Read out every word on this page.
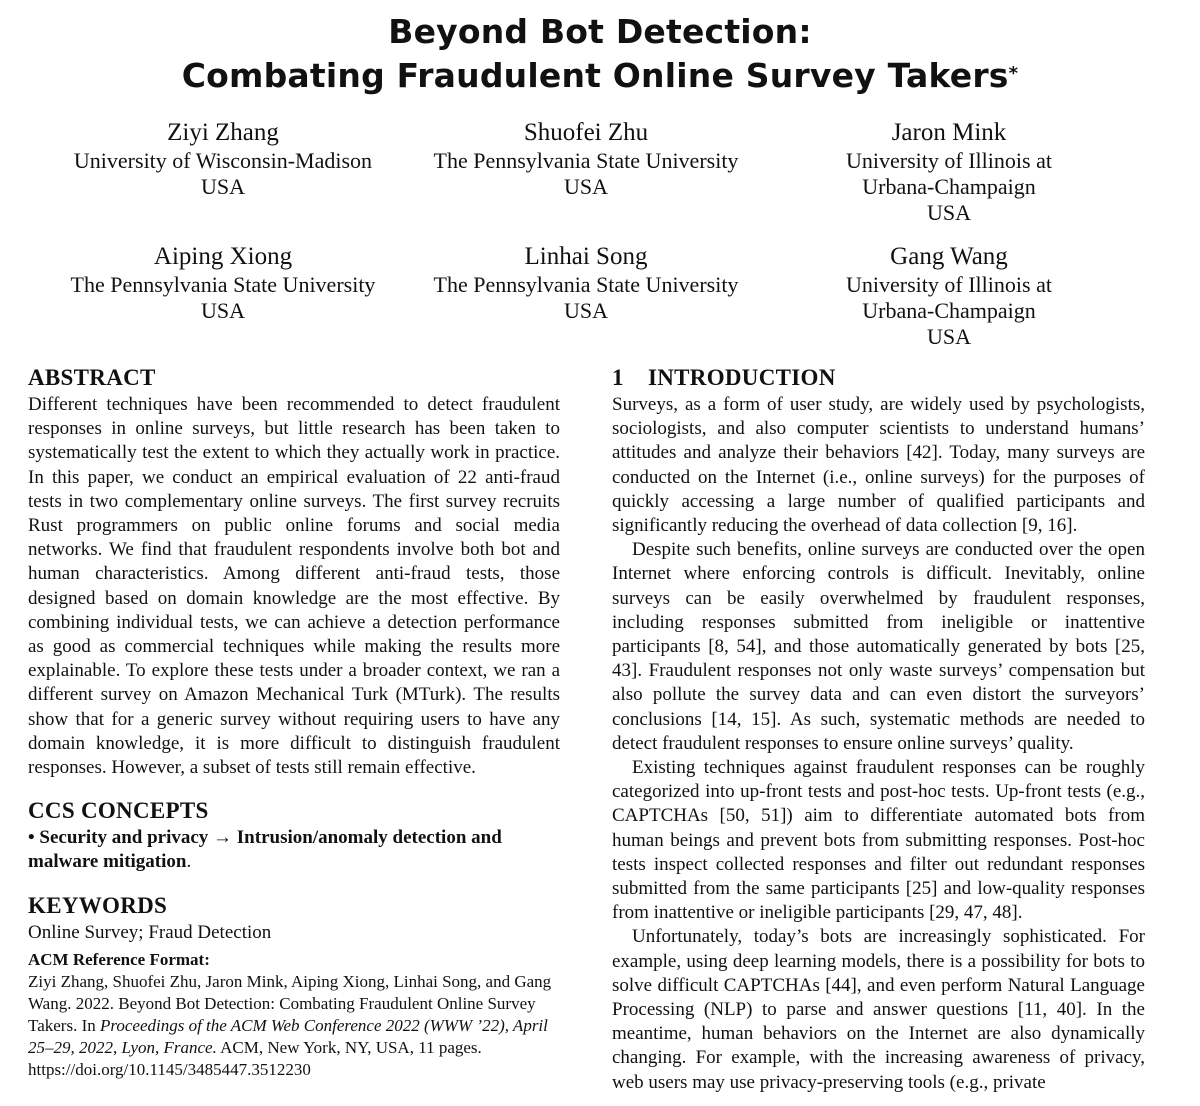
Beyond Bot Detection:
Combating Fraudulent Online Survey Takers*
Ziyi Zhang
University of Wisconsin-Madison
USA
Shuofei Zhu
The Pennsylvania State University
USA
Jaron Mink
University of Illinois at
Urbana-Champaign
USA
Aiping Xiong
The Pennsylvania State University
USA
Linhai Song
The Pennsylvania State University
USA
Gang Wang
University of Illinois at
Urbana-Champaign
USA
ABSTRACT

Different techniques have been recommended to detect fraudulent responses in online surveys, but little research has been taken to systematically test the extent to which they actually work in practice. In this paper, we conduct an empirical evaluation of 22 anti-fraud tests in two complementary online surveys. The first survey recruits Rust programmers on public online forums and social media networks. We find that fraudulent respondents involve both bot and human characteristics. Among different anti-fraud tests, those designed based on domain knowledge are the most effective. By combining individual tests, we can achieve a detection performance as good as commercial techniques while making the results more explainable. To explore these tests under a broader context, we ran a different survey on Amazon Mechanical Turk (MTurk). The results show that for a generic survey without requiring users to have any domain knowledge, it is more difficult to distinguish fraudulent responses. However, a subset of tests still remain effective.

CCS CONCEPTS

• Security and privacy → Intrusion/anomaly detection and malware mitigation.

KEYWORDS

Online Survey; Fraud Detection

ACM Reference Format:
Ziyi Zhang, Shuofei Zhu, Jaron Mink, Aiping Xiong, Linhai Song, and Gang Wang. 2022. Beyond Bot Detection: Combating Fraudulent Online Survey Takers. In Proceedings of the ACM Web Conference 2022 (WWW ’22), April 25–29, 2022, Lyon, France. ACM, New York, NY, USA, 11 pages. https://doi.org/10.1145/3485447.3512230
1 INTRODUCTION

Surveys, as a form of user study, are widely used by psychologists, sociologists, and also computer scientists to understand humans’ attitudes and analyze their behaviors [42]. Today, many surveys are conducted on the Internet (i.e., online surveys) for the purposes of quickly accessing a large number of qualified participants and significantly reducing the overhead of data collection [9, 16].

Despite such benefits, online surveys are conducted over the open Internet where enforcing controls is difficult. Inevitably, online surveys can be easily overwhelmed by fraudulent responses, including responses submitted from ineligible or inattentive participants [8, 54], and those automatically generated by bots [25, 43]. Fraudulent responses not only waste surveys’ compensation but also pollute the survey data and can even distort the surveyors’ conclusions [14, 15]. As such, systematic methods are needed to detect fraudulent responses to ensure online surveys’ quality.

Existing techniques against fraudulent responses can be roughly categorized into up-front tests and post-hoc tests. Up-front tests (e.g., CAPTCHAs [50, 51]) aim to differentiate automated bots from human beings and prevent bots from submitting responses. Post-hoc tests inspect collected responses and filter out redundant responses submitted from the same participants [25] and low-quality responses from inattentive or ineligible participants [29, 47, 48].

Unfortunately, today’s bots are increasingly sophisticated. For example, using deep learning models, there is a possibility for bots to solve difficult CAPTCHAs [44], and even perform Natural Language Processing (NLP) to parse and answer questions [11, 40]. In the meantime, human behaviors on the Internet are also dynamically changing. For example, with the increasing awareness of privacy, web users may use privacy-preserving tools (e.g., private
